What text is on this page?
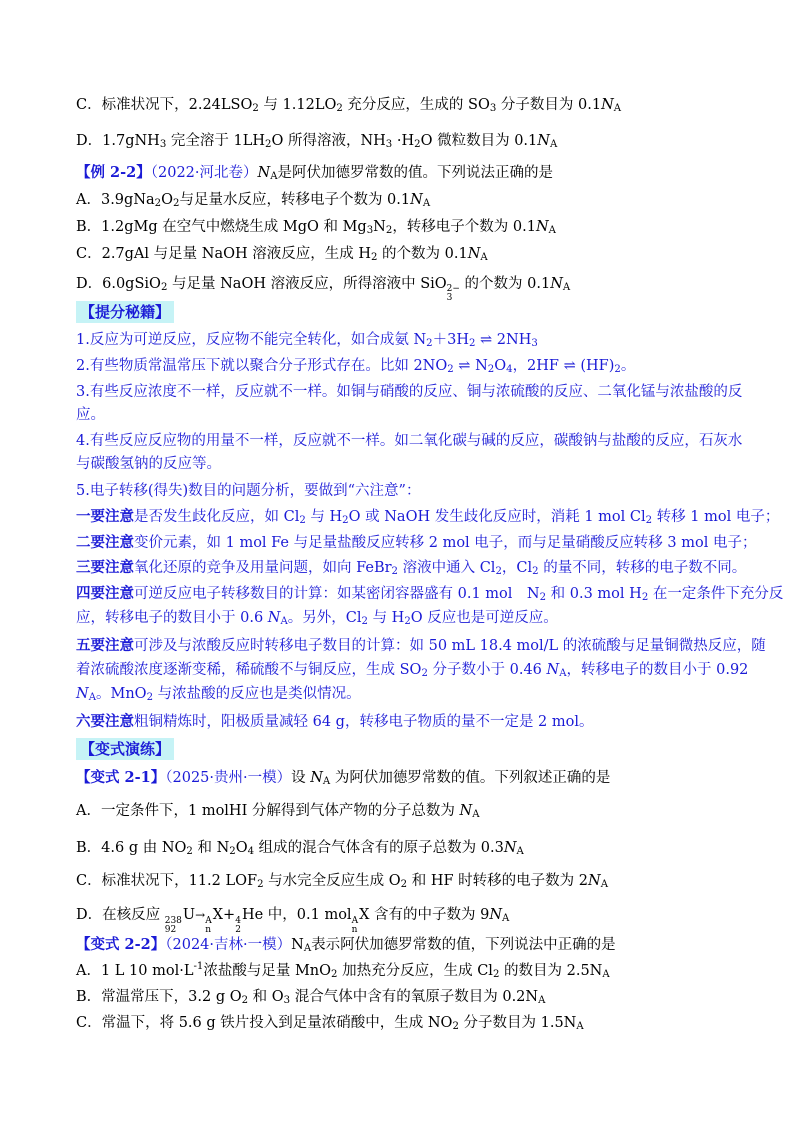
C．标准状况下，$2.24LSO_2$ 与 $1.12LO_2$ 充分反应，生成的 $SO_3$ 分子数目为 $0.1N_A$
D．1.7gNH$_3$ 完全溶于 $1LH_2O$ 所得溶液，$NH_3 \cdot H_2O$ 微粒数目为 $0.1N_A$
【例 2-2】（2022·河北卷）$N_A$是阿伏加德罗常数的值。下列说法正确的是
A．$3.9gNa_2O_2$与足量水反应，转移电子个数为 $0.1N_A$
B．1.2gMg 在空气中燃烧生成 MgO 和 $Mg_3N_2$，转移电子个数为 $0.1N_A$
C．2.7gAl 与足量 NaOH 溶液反应，生成 $H_2$ 的个数为 $0.1N_A$
D．6.0gSiO$_2$ 与足量 NaOH 溶液反应，所得溶液中 SiO 2−
3
的个数为 $0.1N_A$
【提分秘籍】
1.反应为可逆反应，反应物不能完全转化，如合成氨 $N_2+3H_2$ ⇌ $2NH_3$
2.有些物质常温常压下就以聚合分子形式存在。比如 $2NO_2$ ⇌ $N_2O_4$，2HF ⇌ $(HF)_2$。
3.有些反应浓度不一样，反应就不一样。如铜与硝酸的反应、铜与浓硫酸的反应、二氧化锰与浓盐酸的反
应。
4.有些反应反应物的用量不一样，反应就不一样。如二氧化碳与碱的反应，碳酸钠与盐酸的反应，石灰水
与碳酸氢钠的反应等。
5.电子转移(得失)数目的问题分析，要做到“六注意”：
一要注意是否发生歧化反应，如 $Cl_2$ 与 $H_2O$ 或 NaOH 发生歧化反应时，消耗 1 mol $Cl_2$ 转移 1 mol 电子；
二要注意变价元素，如 1 mol Fe 与足量盐酸反应转移 2 mol 电子，而与足量硝酸反应转移 3 mol 电子；
三要注意氧化还原的竞争及用量问题，如向 FeBr$_2$ 溶液中通入 $Cl_2$，$Cl_2$ 的量不同，转移的电子数不同。
四要注意可逆反应电子转移数目的计算：如某密闭容器盛有 0.1 mol　$N_2$ 和 0.3 mol $H_2$ 在一定条件下充分反
应，转移电子的数目小于 0.6 $N_A$。另外，$Cl_2$ 与 $H_2O$ 反应也是可逆反应。
五要注意可涉及与浓酸反应时转移电子数目的计算：如 50 mL 18.4 mol/L 的浓硫酸与足量铜微热反应，随
着浓硫酸浓度逐渐变稀，稀硫酸不与铜反应，生成 $SO_2$ 分子数小于 0.46 $N_A$，转移电子的数目小于 0.92
$N_A$。MnO$_2$ 与浓盐酸的反应也是类似情况。
六要注意粗铜精炼时，阳极质量减轻 64 g，转移电子物质的量不一定是 2 mol。
【变式演练】
【变式 2-1】（2025·贵州·一模）设 $N_A$ 为阿伏加德罗常数的值。下列叙述正确的是
A．一定条件下，1 molHI 分解得到气体产物的分子总数为 $N_A$
B．4.6 g 由 $NO_2$ 和 $N_2O_4$ 组成的混合气体含有的原子总数为 $0.3N_A$
C．标准状况下，11.2 $LOF_2$ 与水完全反应生成 $O_2$ 和 HF 时转移的电子数为 $2N_A$
D．在核反应 238
92
U→ A
n
X+ 4
2
He 中，0.1 mol A
n
X 含有的中子数为 $9N_A$
【变式 2-2】（2024·吉林·一模）$N_A$表示阿伏加德罗常数的值，下列说法中正确的是
A．1 L 10 $mol\cdot L^{-1}$浓盐酸与足量 MnO$_2$ 加热充分反应，生成 $Cl_2$ 的数目为 $2.5N_A$
B．常温常压下，3.2 g $O_2$ 和 $O_3$ 混合气体中含有的氧原子数目为 $0.2N_A$
C．常温下，将 5.6 g 铁片投入到足量浓硝酸中，生成 $NO_2$ 分子数目为 $1.5N_A$
